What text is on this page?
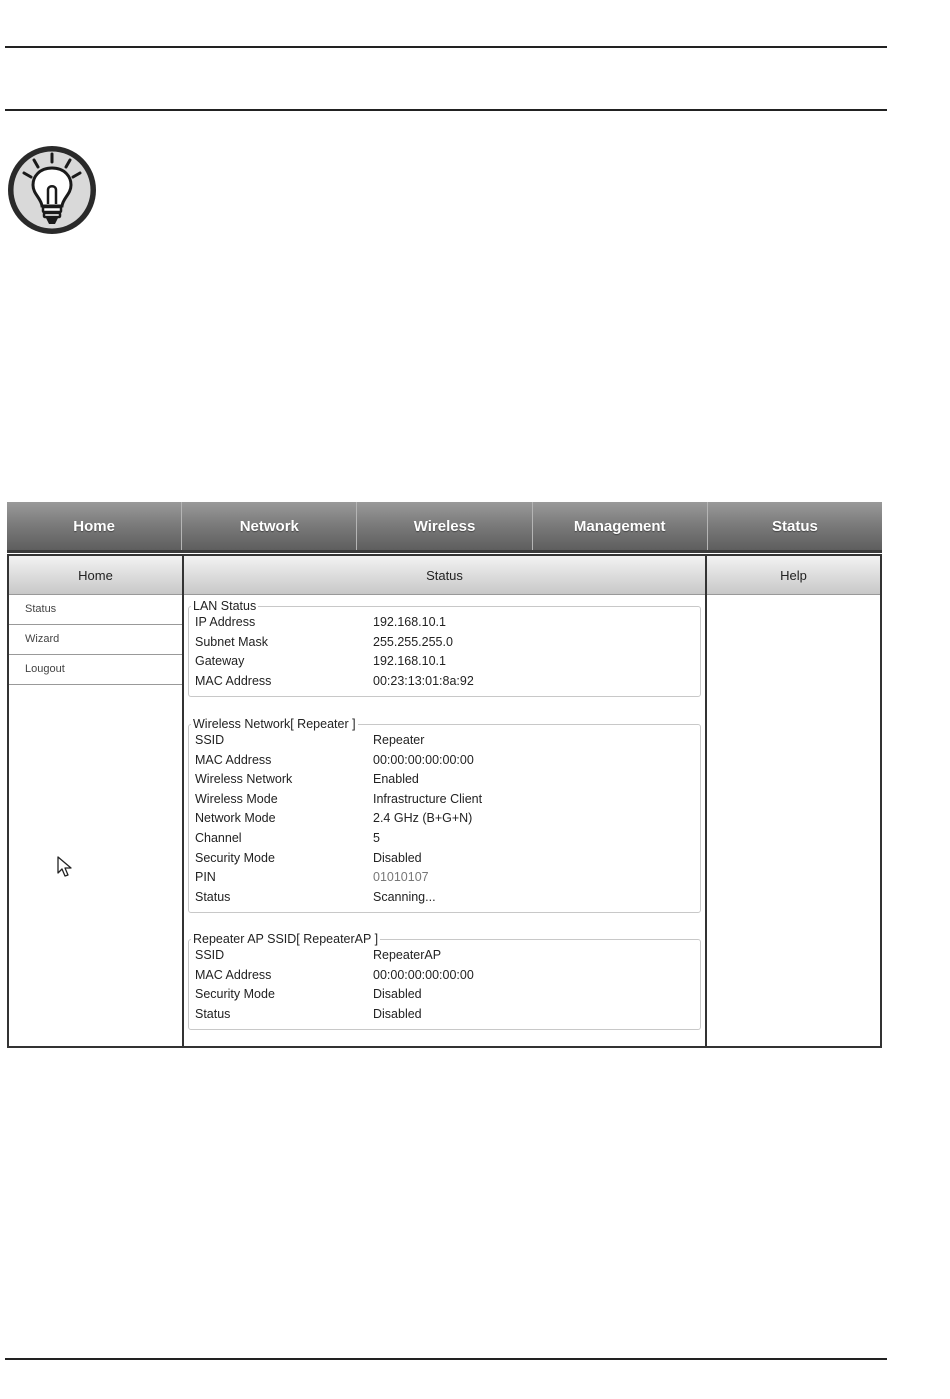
Home	Network	Wireless	Management	Status
Home
Status
Wizard
Lougout
Status
LAN Status
IP Address	192.168.10.1
Subnet Mask	255.255.255.0
Gateway	192.168.10.1
MAC Address	00:23:13:01:8a:92
Wireless Network[ Repeater ]
SSID	Repeater
MAC Address	00:00:00:00:00:00
Wireless Network	Enabled
Wireless Mode	Infrastructure Client
Network Mode	2.4 GHz (B+G+N)
Channel	5
Security Mode	Disabled
PIN	01010107
Status	Scanning...
Repeater AP SSID[ RepeaterAP ]
SSID	RepeaterAP
MAC Address	00:00:00:00:00:00
Security Mode	Disabled
Status	Disabled
Help
